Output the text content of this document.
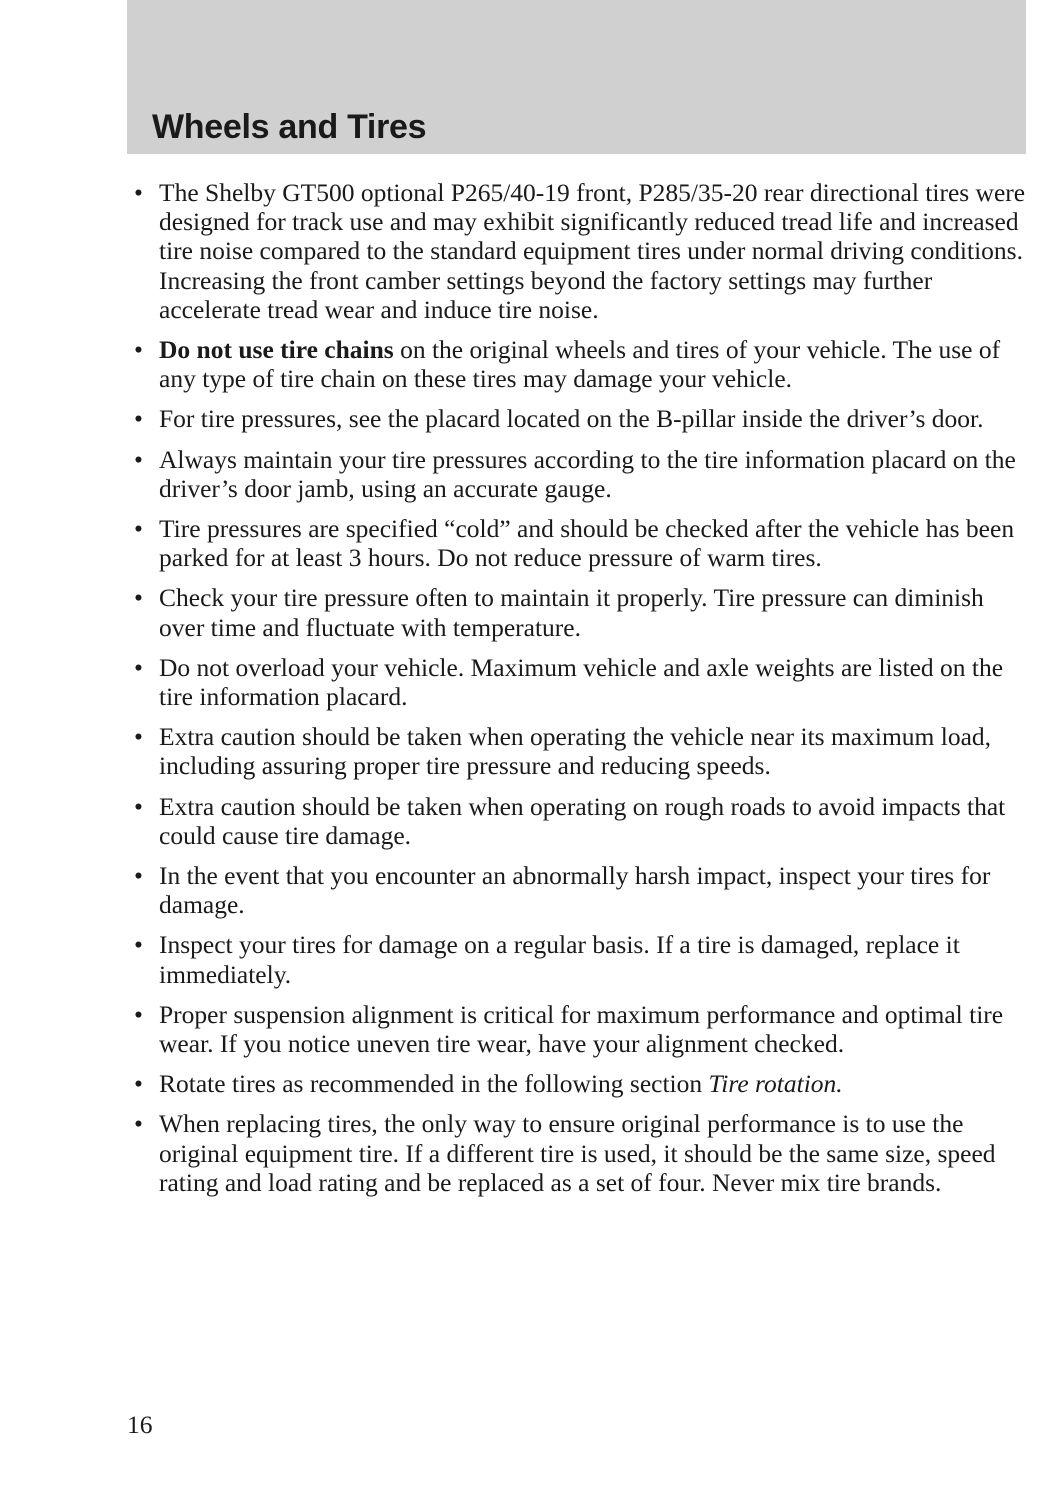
Wheels and Tires
• The Shelby GT500 optional P265/40-19 front, P285/35-20 rear directional tires were designed for track use and may exhibit significantly reduced tread life and increased tire noise compared to the standard equipment tires under normal driving conditions. Increasing the front camber settings beyond the factory settings may further accelerate tread wear and induce tire noise.
• Do not use tire chains on the original wheels and tires of your vehicle. The use of any type of tire chain on these tires may damage your vehicle.
• For tire pressures, see the placard located on the B-pillar inside the driver’s door.
• Always maintain your tire pressures according to the tire information placard on the driver’s door jamb, using an accurate gauge.
• Tire pressures are specified “cold” and should be checked after the vehicle has been parked for at least 3 hours. Do not reduce pressure of warm tires.
• Check your tire pressure often to maintain it properly. Tire pressure can diminish over time and fluctuate with temperature.
• Do not overload your vehicle. Maximum vehicle and axle weights are listed on the tire information placard.
• Extra caution should be taken when operating the vehicle near its maximum load, including assuring proper tire pressure and reducing speeds.
• Extra caution should be taken when operating on rough roads to avoid impacts that could cause tire damage.
• In the event that you encounter an abnormally harsh impact, inspect your tires for damage.
• Inspect your tires for damage on a regular basis. If a tire is damaged, replace it immediately.
• Proper suspension alignment is critical for maximum performance and optimal tire wear. If you notice uneven tire wear, have your alignment checked.
• Rotate tires as recommended in the following section Tire rotation.
• When replacing tires, the only way to ensure original performance is to use the original equipment tire. If a different tire is used, it should be the same size, speed rating and load rating and be replaced as a set of four. Never mix tire brands.
16
